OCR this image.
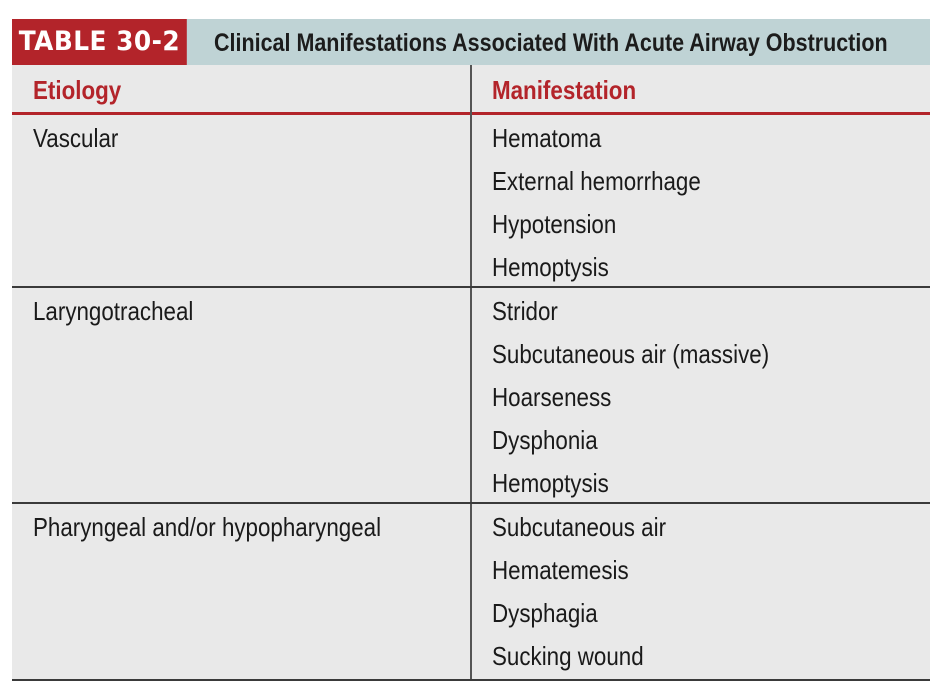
TABLE 30-2 Clinical Manifestations Associated With Acute Airway Obstruction
Etiology	Manifestation
Vascular	Hematoma
External hemorrhage
Hypotension
Hemoptysis
Laryngotracheal	Stridor
Subcutaneous air (massive)
Hoarseness
Dysphonia
Hemoptysis
Pharyngeal and/or hypopharyngeal	Subcutaneous air
Hematemesis
Dysphagia
Sucking wound
